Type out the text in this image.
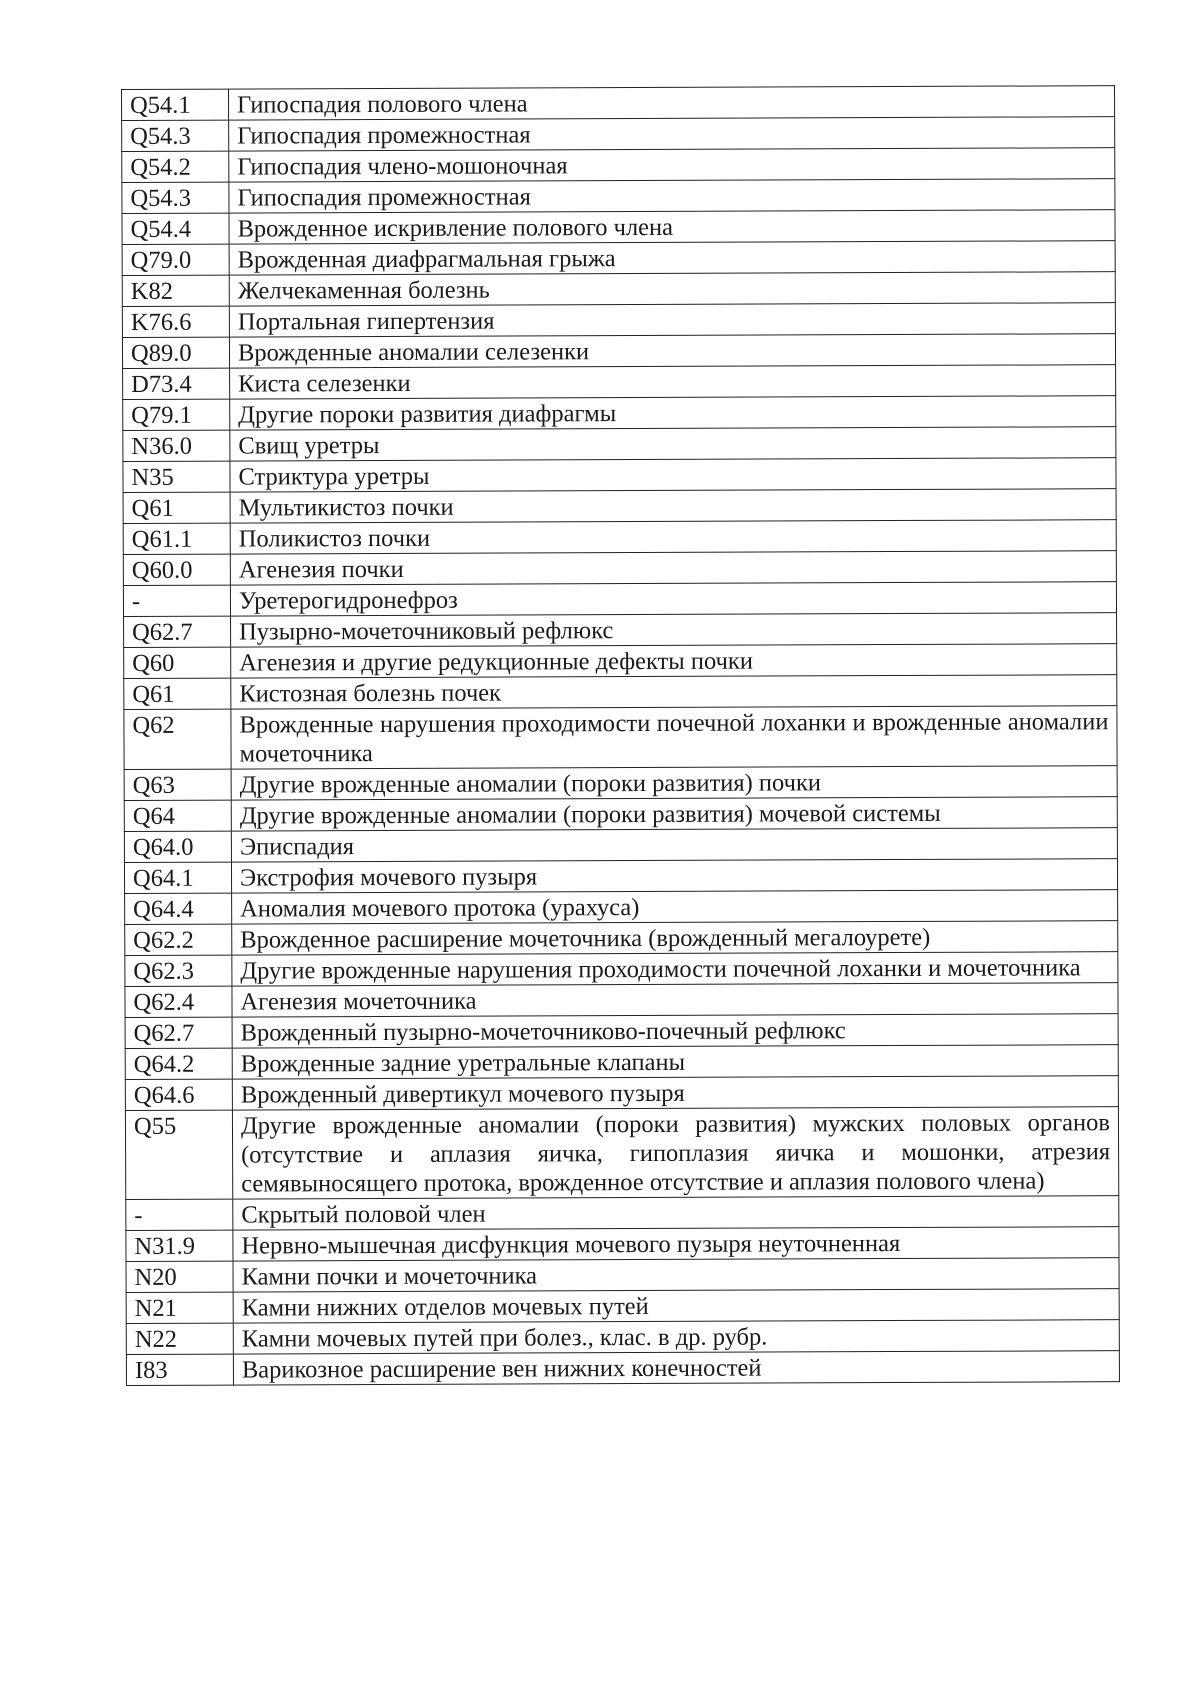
Q54.1	Гипоспадия полового члена
Q54.3	Гипоспадия промежностная
Q54.2	Гипоспадия члено-мошоночная
Q54.3	Гипоспадия промежностная
Q54.4	Врожденное искривление полового члена
Q79.0	Врожденная диафрагмальная грыжа
K82	Желчекаменная болезнь
K76.6	Портальная гипертензия
Q89.0	Врожденные аномалии селезенки
D73.4	Киста селезенки
Q79.1	Другие пороки развития диафрагмы
N36.0	Свищ уретры
N35	Стриктура уретры
Q61	Мультикистоз почки
Q61.1	Поликистоз почки
Q60.0	Агенезия почки
-	Уретерогидронефроз
Q62.7	Пузырно-мочеточниковый рефлюкс
Q60	Агенезия и другие редукционные дефекты почки
Q61	Кистозная болезнь почек
Q62	Врожденные нарушения проходимости почечной лоханки и врожденные аномалии мочеточника
Q63	Другие врожденные аномалии (пороки развития) почки
Q64	Другие врожденные аномалии (пороки развития) мочевой системы
Q64.0	Эписпадия
Q64.1	Экстрофия мочевого пузыря
Q64.4	Аномалия мочевого протока (урахуса)
Q62.2	Врожденное расширение мочеточника (врожденный мегалоурете)
Q62.3	Другие врожденные нарушения проходимости почечной лоханки и мочеточника
Q62.4	Агенезия мочеточника
Q62.7	Врожденный пузырно-мочеточниково-почечный рефлюкс
Q64.2	Врожденные задние уретральные клапаны
Q64.6	Врожденный дивертикул мочевого пузыря
Q55	Другие врожденные аномалии (пороки развития) мужских половых органов (отсутствие и аплазия яичка, гипоплазия яичка и мошонки, атрезия семявыносящего протока, врожденное отсутствие и аплазия полового члена)
-	Скрытый половой член
N31.9	Нервно-мышечная дисфункция мочевого пузыря неуточненная
N20	Камни почки и мочеточника
N21	Камни нижних отделов мочевых путей
N22	Камни мочевых путей при болез., клас. в др. рубр.
I83	Варикозное расширение вен нижних конечностей
